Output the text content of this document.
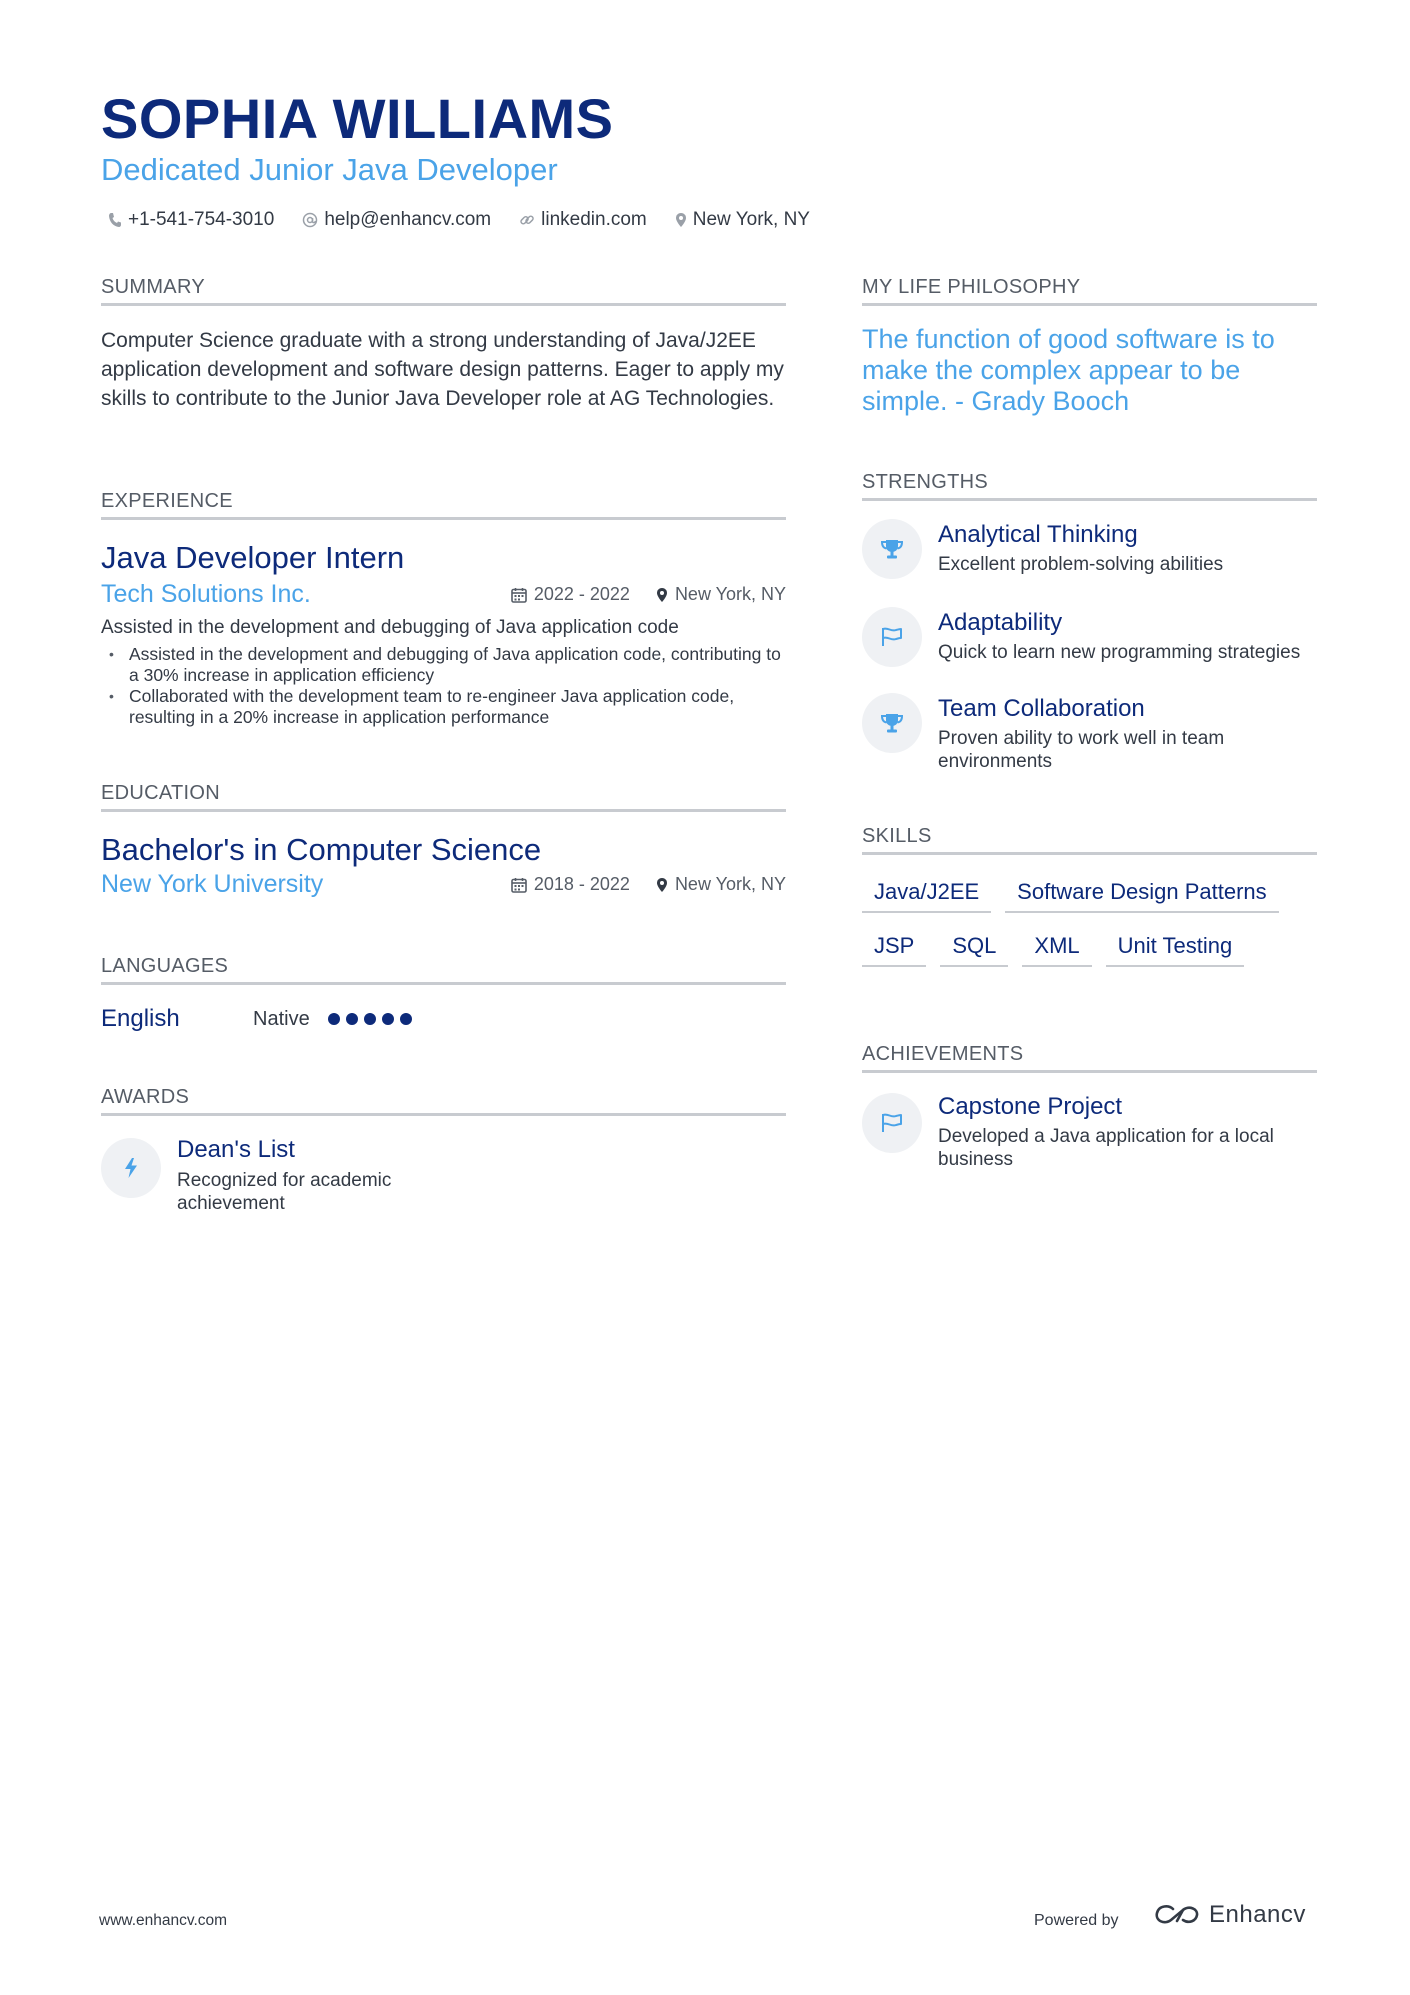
SOPHIA WILLIAMS
Dedicated Junior Java Developer
+1-541-754-3010	help@enhancv.com	linkedin.com New York, NY
SUMMARY
Computer Science graduate with a strong understanding of Java/J2EE application development and software design patterns. Eager to apply my skills to contribute to the Junior Java Developer role at AG Technologies.
EXPERIENCE
Java Developer Intern
Tech Solutions Inc.	2022 - 2022	New York, NY
Assisted in the development and debugging of Java application code
• Assisted in the development and debugging of Java application code, contributing to a 30% increase in application efficiency
• Collaborated with the development team to re-engineer Java application code, resulting in a 20% increase in application performance
EDUCATION
Bachelor's in Computer Science
New York University	2018 - 2022	New York, NY
LANGUAGES
English	Native
AWARDS
Dean's List
Recognized for academic achievement
MY LIFE PHILOSOPHY
The function of good software is to make the complex appear to be simple. - Grady Booch
STRENGTHS
Analytical Thinking
Excellent problem-solving abilities
Adaptability
Quick to learn new programming strategies
Team Collaboration
Proven ability to work well in team environments
SKILLS
Java/J2EE	Software Design Patterns
JSP	SQL	XML	Unit Testing
ACHIEVEMENTS
Capstone Project
Developed a Java application for a local business
www.enhancv.com	Powered by	Enhancv
